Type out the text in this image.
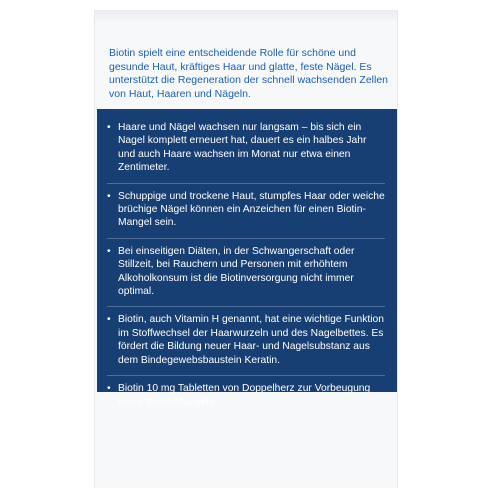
Biotin spielt eine entscheidende Rolle für schöne und gesunde Haut, kräftiges Haar und glatte, feste Nägel. Es unterstützt die Regeneration der schnell wachsenden Zellen von Haut, Haaren und Nägeln.

• Haare und Nägel wachsen nur langsam – bis sich ein Nagel komplett erneuert hat, dauert es ein halbes Jahr und auch Haare wachsen im Monat nur etwa einen Zentimeter.
• Schuppige und trockene Haut, stumpfes Haar oder weiche brüchige Nägel können ein Anzeichen für einen Biotin-Mangel sein.
• Bei einseitigen Diäten, in der Schwangerschaft oder Stillzeit, bei Rauchern und Personen mit erhöhtem Alkoholkonsum ist die Biotinversorgung nicht immer optimal.
• Biotin, auch Vitamin H genannt, hat eine wichtige Funktion im Stoffwechsel der Haarwurzeln und des Nagelbettes. Es fördert die Bildung neuer Haar- und Nagelsubstanz aus dem Bindegewebsbaustein Keratin.
• Biotin 10 mg Tabletten von Doppelherz zur Vorbeugung eines Biotin-Mangels.
